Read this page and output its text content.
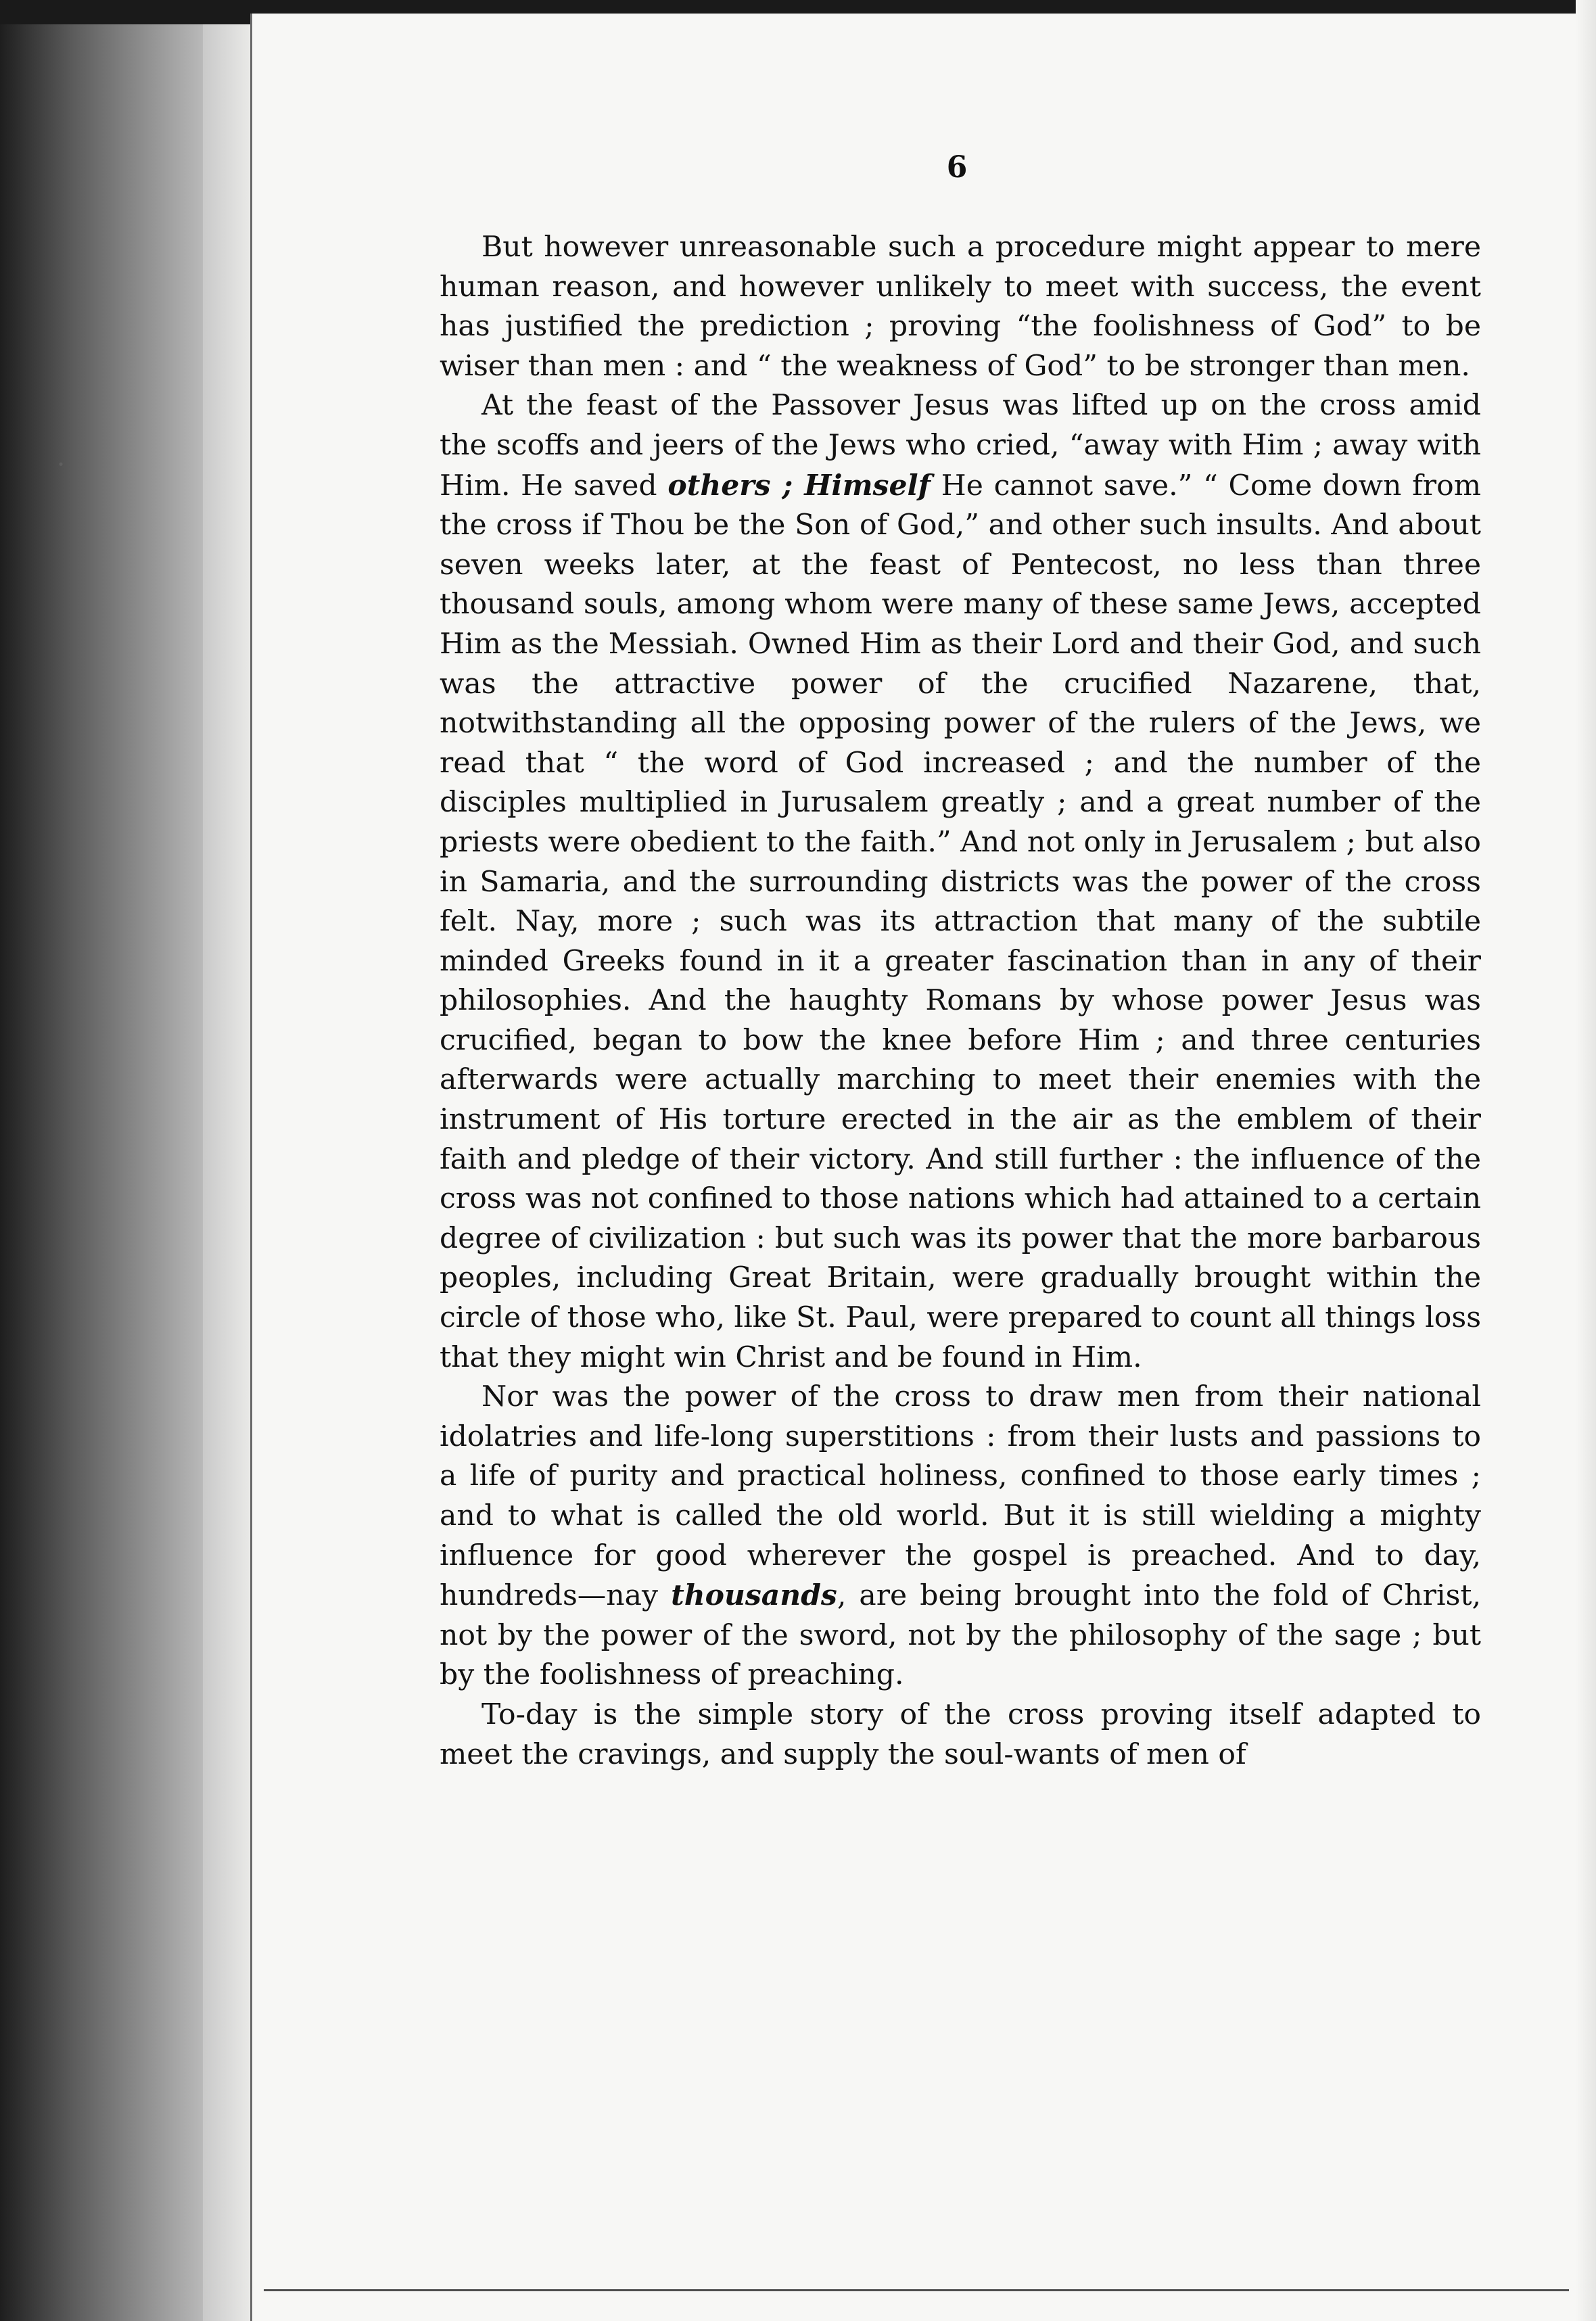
6

But however unreasonable such a procedure might appear to mere human reason, and however unlikely to meet with success, the event has justified the prediction ; proving “the foolishness of God” to be wiser than men : and “ the weakness of God” to be stronger than men.

At the feast of the Passover Jesus was lifted up on the cross amid the scoffs and jeers of the Jews who cried, “away with Him ; away with Him. He saved others ; Himself He cannot save.” “ Come down from the cross if Thou be the Son of God,” and other such insults. And about seven weeks later, at the feast of Pentecost, no less than three thousand souls, among whom were many of these same Jews, accepted Him as the Messiah. Owned Him as their Lord and their God, and such was the attractive power of the crucified Nazarene, that, notwithstanding all the opposing power of the rulers of the Jews, we read that “ the word of God increased ; and the number of the disciples multiplied in Jurusalem greatly ; and a great number of the priests were obedient to the faith.” And not only in Jerusalem ; but also in Samaria, and the surrounding districts was the power of the cross felt. Nay, more ; such was its attraction that many of the subtile minded Greeks found in it a greater fascination than in any of their philosophies. And the haughty Romans by whose power Jesus was crucified, began to bow the knee before Him ; and three centuries afterwards were actually marching to meet their enemies with the instrument of His torture erected in the air as the emblem of their faith and pledge of their victory. And still further : the influence of the cross was not confined to those nations which had attained to a certain degree of civilization : but such was its power that the more barbarous peoples, including Great Britain, were gradually brought within the circle of those who, like St. Paul, were prepared to count all things loss that they might win Christ and be found in Him.

Nor was the power of the cross to draw men from their national idolatries and life-long superstitions : from their lusts and passions to a life of purity and practical holiness, confined to those early times ; and to what is called the old world. But it is still wielding a mighty influence for good wherever the gospel is preached. And to day, hundreds—nay thousands, are being brought into the fold of Christ, not by the power of the sword, not by the philosophy of the sage ; but by the foolishness of preaching.

To-day is the simple story of the cross proving itself adapted to meet the cravings, and supply the soul-wants of men of
